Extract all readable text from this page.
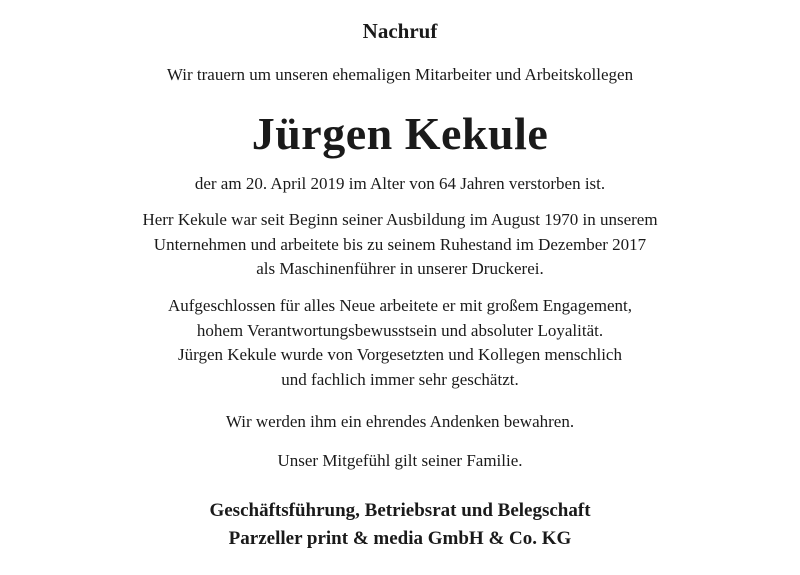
Nachruf
Wir trauern um unseren ehemaligen Mitarbeiter und Arbeitskollegen
Jürgen Kekule

der am 20. April 2019 im Alter von 64 Jahren verstorben ist.

Herr Kekule war seit Beginn seiner Ausbildung im August 1970 in unserem

Unternehmen und arbeitete bis zu seinem Ruhestand im Dezember 2017

als Maschinenführer in unserer Druckerei.

Aufgeschlossen für alles Neue arbeitete er mit großem Engagement,

hohem Verantwortungsbewusstsein und absoluter Loyalität.

Jürgen Kekule wurde von Vorgesetzten und Kollegen menschlich

und fachlich immer sehr geschätzt.

Wir werden ihm ein ehrendes Andenken bewahren.

Unser Mitgefühl gilt seiner Familie.

Geschäftsführung, Betriebsrat und Belegschaft

Parzeller print & media GmbH & Co. KG
